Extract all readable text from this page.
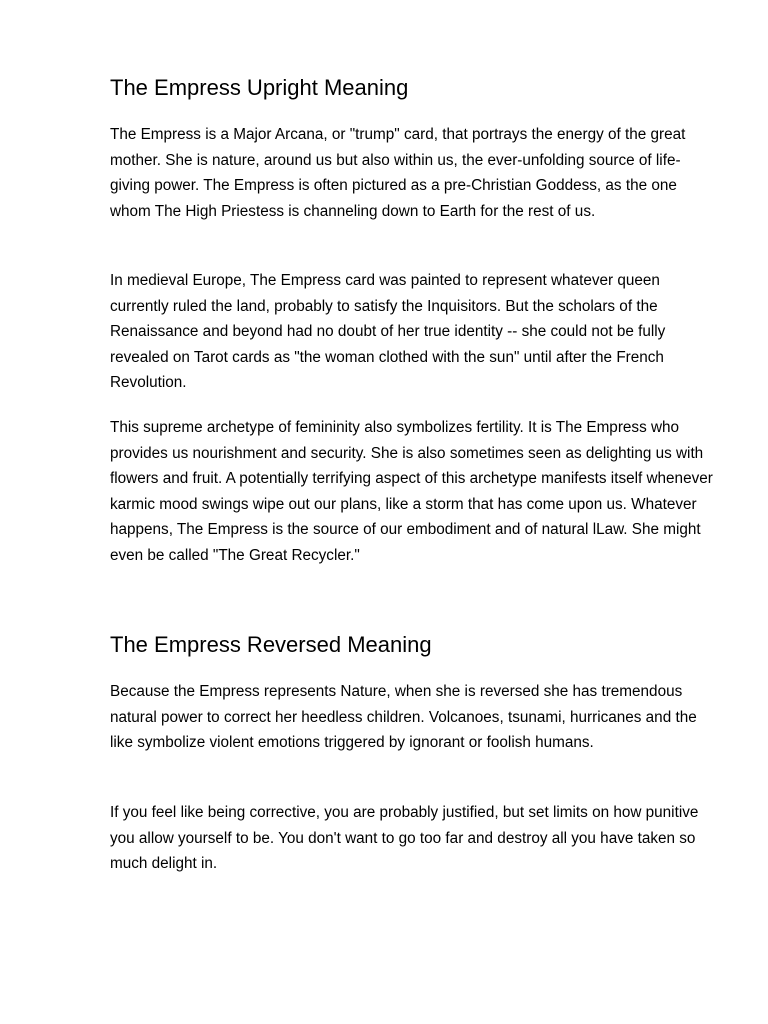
The Empress Upright Meaning

The Empress is a Major Arcana, or "trump" card, that portrays the energy of the great mother. She is nature, around us but also within us, the ever-unfolding source of life-giving power. The Empress is often pictured as a pre-Christian Goddess, as the one whom The High Priestess is channeling down to Earth for the rest of us.

In medieval Europe, The Empress card was painted to represent whatever queen currently ruled the land, probably to satisfy the Inquisitors. But the scholars of the Renaissance and beyond had no doubt of her true identity -- she could not be fully revealed on Tarot cards as "the woman clothed with the sun" until after the French Revolution.

This supreme archetype of femininity also symbolizes fertility. It is The Empress who provides us nourishment and security. She is also sometimes seen as delighting us with flowers and fruit. A potentially terrifying aspect of this archetype manifests itself whenever karmic mood swings wipe out our plans, like a storm that has come upon us. Whatever happens, The Empress is the source of our embodiment and of natural lLaw. She might even be called "The Great Recycler."

The Empress Reversed Meaning

Because the Empress represents Nature, when she is reversed she has tremendous natural power to correct her heedless children. Volcanoes, tsunami, hurricanes and the like symbolize violent emotions triggered by ignorant or foolish humans.

If you feel like being corrective, you are probably justified, but set limits on how punitive you allow yourself to be. You don't want to go too far and destroy all you have taken so much delight in.
